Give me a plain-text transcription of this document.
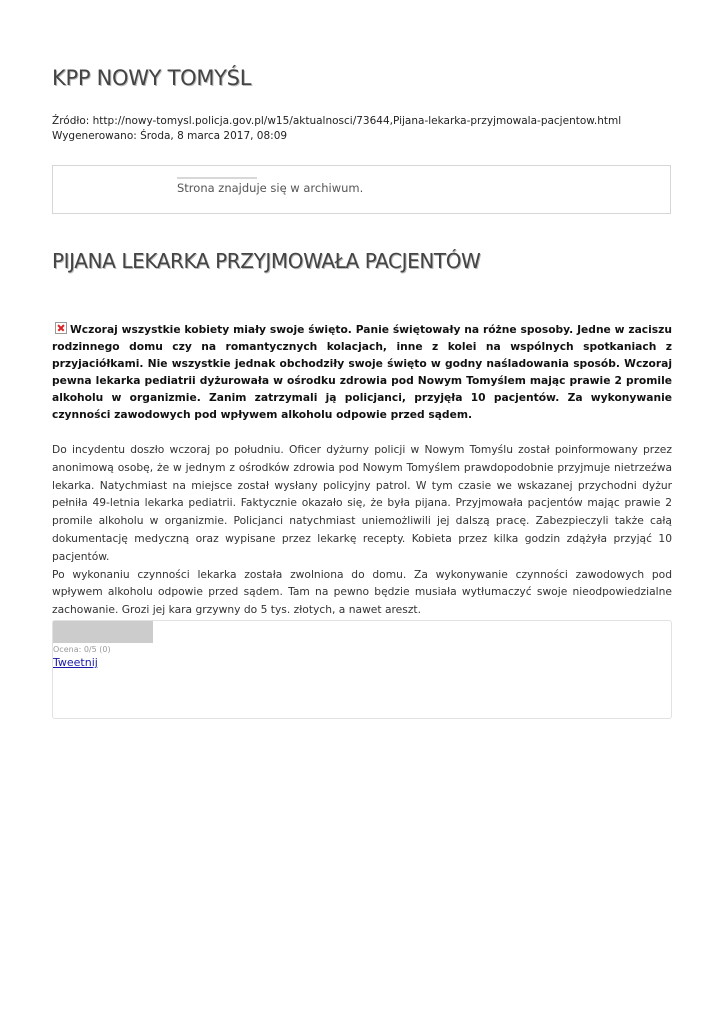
KPP NOWY TOMYŚL
Źródło: http://nowy-tomysl.policja.gov.pl/w15/aktualnosci/73644,Pijana-lekarka-przyjmowala-pacjentow.html
Wygenerowano: Środa, 8 marca 2017, 08:09
Strona znajduje się w archiwum.
PIJANA LEKARKA PRZYJMOWAŁA PACJENTÓW
Wczoraj wszystkie kobiety miały swoje święto. Panie świętowały na różne sposoby. Jedne w zaciszu rodzinnego domu czy na romantycznych kolacjach, inne z kolei na wspólnych spotkaniach z przyjaciółkami. Nie wszystkie jednak obchodziły swoje święto w godny naśladowania sposób. Wczoraj pewna lekarka pediatrii dyżurowała w ośrodku zdrowia pod Nowym Tomyślem mając prawie 2 promile alkoholu w organizmie. Zanim zatrzymali ją policjanci, przyjęła 10 pacjentów. Za wykonywanie czynności zawodowych pod wpływem alkoholu odpowie przed sądem.

Do incydentu doszło wczoraj po południu. Oficer dyżurny policji w Nowym Tomyślu został poinformowany przez anonimową osobę, że w jednym z ośrodków zdrowia pod Nowym Tomyślem prawdopodobnie przyjmuje nietrzeźwa lekarka. Natychmiast na miejsce został wysłany policyjny patrol. W tym czasie we wskazanej przychodni dyżur pełniła 49-letnia lekarka pediatrii. Faktycznie okazało się, że była pijana. Przyjmowała pacjentów mając prawie 2 promile alkoholu w organizmie. Policjanci natychmiast uniemożliwili jej dalszą pracę. Zabezpieczyli także całą dokumentację medyczną oraz wypisane przez lekarkę recepty. Kobieta przez kilka godzin zdążyła przyjąć 10 pacjentów.

Po wykonaniu czynności lekarka została zwolniona do domu. Za wykonywanie czynności zawodowych pod wpływem alkoholu odpowie przed sądem. Tam na pewno będzie musiała wytłumaczyć swoje nieodpowiedzialne zachowanie. Grozi jej kara grzywny do 5 tys. złotych, a nawet areszt.

Ocena: 0/5 (0)
Tweetnij
